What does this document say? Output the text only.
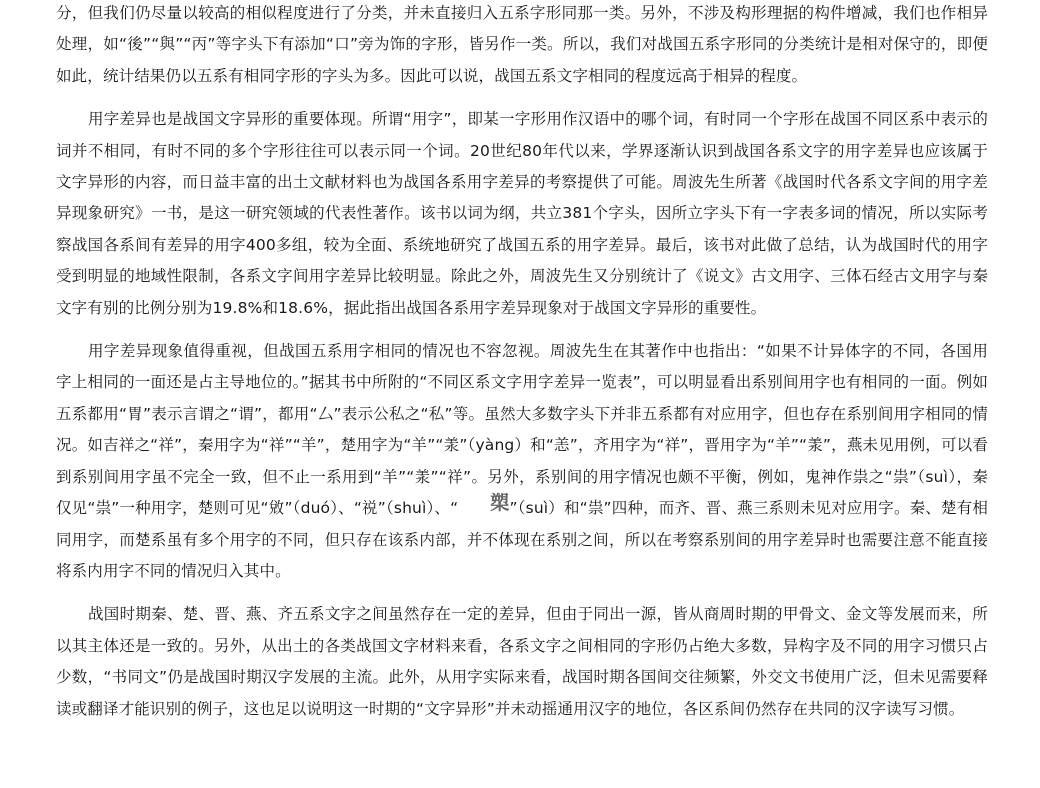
分，但我们仍尽量以较高的相似程度进行了分类，并未直接归入五系字形同那一类。另外，不涉及构形理据的构件增减，我们也作相异处理，如“後”“與”“丙”等字头下有添加“口”旁为饰的字形，皆另作一类。所以，我们对战国五系字形同的分类统计是相对保守的，即便如此，统计结果仍以五系有相同字形的字头为多。因此可以说，战国五系文字相同的程度远高于相异的程度。

用字差异也是战国文字异形的重要体现。所谓“用字”，即某一字形用作汉语中的哪个词，有时同一个字形在战国不同区系中表示的词并不相同，有时不同的多个字形往往可以表示同一个词。20世纪80年代以来，学界逐渐认识到战国各系文字的用字差异也应该属于文字异形的内容，而日益丰富的出土文献材料也为战国各系用字差异的考察提供了可能。周波先生所著《战国时代各系文字间的用字差异现象研究》一书，是这一研究领域的代表性著作。该书以词为纲，共立381个字头，因所立字头下有一字表多词的情况，所以实际考察战国各系间有差异的用字400多组，较为全面、系统地研究了战国五系的用字差异。最后，该书对此做了总结，认为战国时代的用字受到明显的地域性限制，各系文字间用字差异比较明显。除此之外，周波先生又分别统计了《说文》古文用字、三体石经古文用字与秦文字有别的比例分别为19.8%和18.6%，据此指出战国各系用字差异现象对于战国文字异形的重要性。

用字差异现象值得重视，但战国五系用字相同的情况也不容忽视。周波先生在其著作中也指出：“如果不计异体字的不同，各国用字上相同的一面还是占主导地位的。”据其书中所附的“不同区系文字用字差异一览表”，可以明显看出系别间用字也有相同的一面。例如五系都用“胃”表示言谓之“谓”，都用“厶”表示公私之“私”等。虽然大多数字头下并非五系都有对应用字，但也存在系别间用字相同的情况。如吉祥之“祥”，秦用字为“祥”“羊”，楚用字为“羊”“羕”（yàng）和“恙”，齐用字为“祥”，晋用字为“羊”“羕”，燕未见用例，可以看到系别间用字虽不完全一致，但不止一系用到“羊”“羕”“祥”。另外，系别间的用字情况也颇不平衡，例如，鬼神作祟之“祟”（suì），秦仅见“祟”一种用字，楚则可见“敓”（duó）、“祱”（shuì）、“ 槊”（suì）和“祟”四种，而齐、晋、燕三系则未见对应用字。秦、楚有相同用字，而楚系虽有多个用字的不同，但只存在该系内部，并不体现在系别之间，所以在考察系别间的用字差异时也需要注意不能直接将系内用字不同的情况归入其中。

战国时期秦、楚、晋、燕、齐五系文字之间虽然存在一定的差异，但由于同出一源，皆从商周时期的甲骨文、金文等发展而来，所以其主体还是一致的。另外，从出土的各类战国文字材料来看，各系文字之间相同的字形仍占绝大多数，异构字及不同的用字习惯只占少数，“书同文”仍是战国时期汉字发展的主流。此外，从用字实际来看，战国时期各国间交往频繁，外交文书使用广泛，但未见需要释读或翻译才能识别的例子，这也足以说明这一时期的“文字异形”并未动摇通用汉字的地位，各区系间仍然存在共同的汉字读写习惯。
